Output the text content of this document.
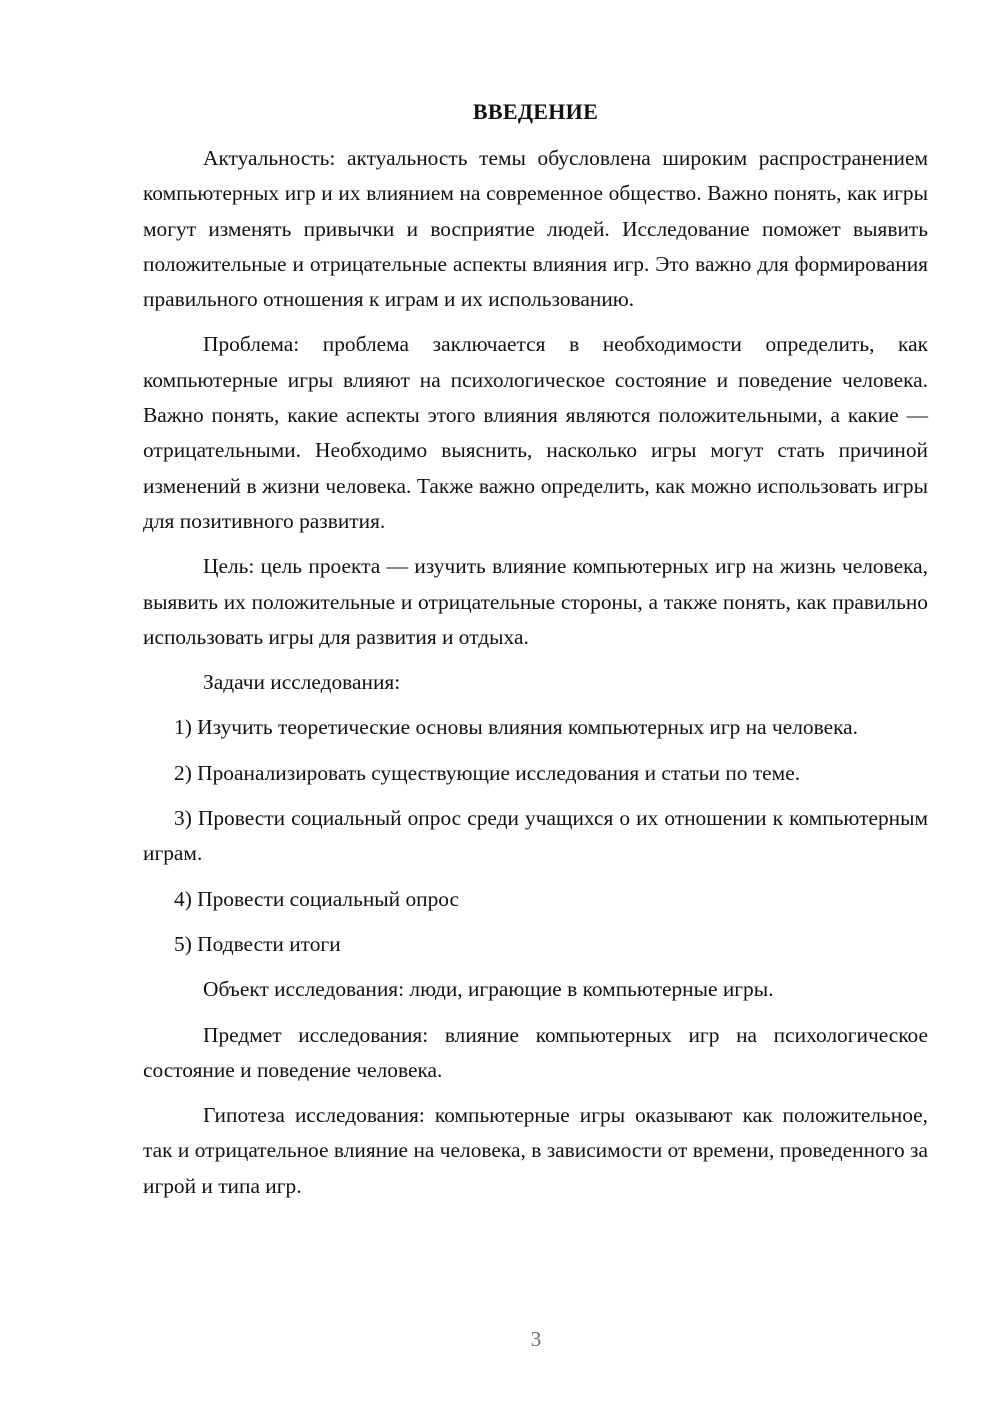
ВВЕДЕНИЕ

Актуальность: актуальность темы обусловлена широким распространением компьютерных игр и их влиянием на современное общество. Важно понять, как игры могут изменять привычки и восприятие людей. Исследование поможет выявить положительные и отрицательные аспекты влияния игр. Это важно для формирования правильного отношения к играм и их использованию.

Проблема: проблема заключается в необходимости определить, как компьютерные игры влияют на психологическое состояние и поведение человека. Важно понять, какие аспекты этого влияния являются положительными, а какие — отрицательными. Необходимо выяснить, насколько игры могут стать причиной изменений в жизни человека. Также важно определить, как можно использовать игры для позитивного развития.

Цель: цель проекта — изучить влияние компьютерных игр на жизнь человека, выявить их положительные и отрицательные стороны, а также понять, как правильно использовать игры для развития и отдыха.

Задачи исследования:

1) Изучить теоретические основы влияния компьютерных игр на человека.

2) Проанализировать существующие исследования и статьи по теме.

3) Провести социальный опрос среди учащихся о их отношении к компьютерным играм.

4) Провести социальный опрос

5) Подвести итоги

Объект исследования: люди, играющие в компьютерные игры.

Предмет исследования: влияние компьютерных игр на психологическое состояние и поведение человека.

Гипотеза исследования: компьютерные игры оказывают как положительное, так и отрицательное влияние на человека, в зависимости от времени, проведенного за игрой и типа игр.

3
